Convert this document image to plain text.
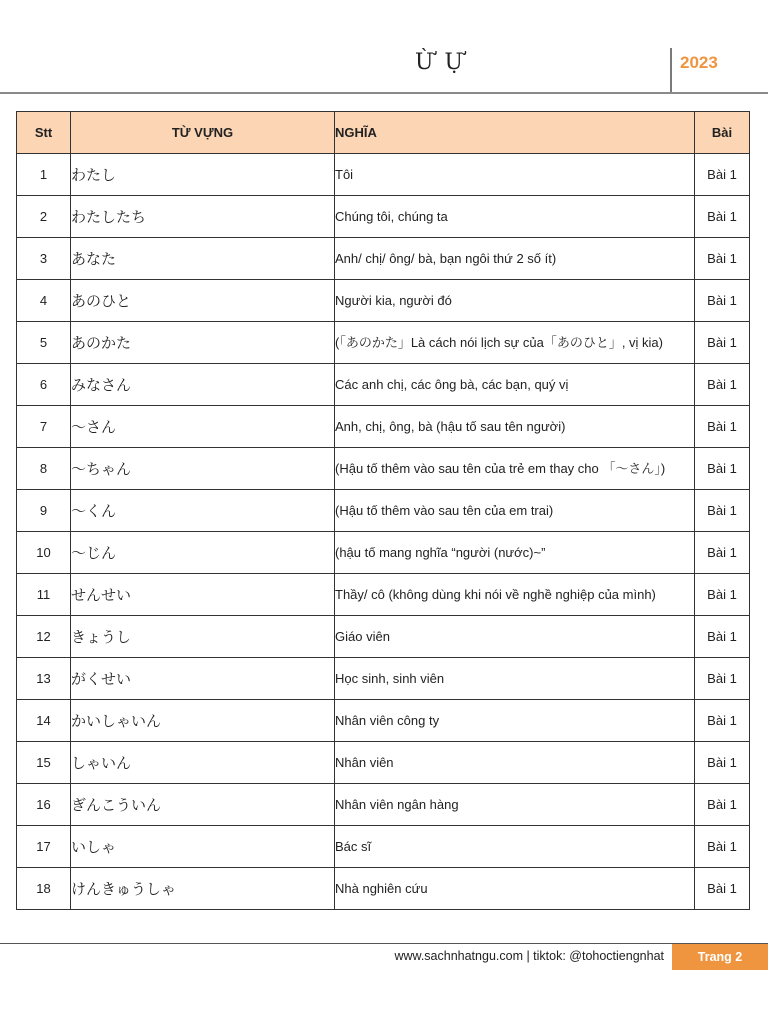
Ừ Ự	2023
Stt	TỪ VỰNG	NGHĨA	Bài
1	わたし	Tôi	Bài 1
2	わたしたち	Chúng tôi, chúng ta	Bài 1
3	あなた	Anh/ chị/ ông/ bà, bạn ngôi thứ 2 số ít)	Bài 1
4	あのひと	Người kia, người đó	Bài 1
5	あのかた	(「あのかた」Là cách nói lịch sự của「あのひと」, vị kia)	Bài 1
6	みなさん	Các anh chị, các ông bà, các bạn, quý vị	Bài 1
7	～さん	Anh, chị, ông, bà (hậu tố sau tên người)	Bài 1
8	～ちゃん	(Hậu tố thêm vào sau tên của trẻ em thay cho 「～さん」)	Bài 1
9	～くん	(Hậu tố thêm vào sau tên của em trai)	Bài 1
10	～じん	(hậu tố mang nghĩa “người (nước)~”	Bài 1
11	せんせい	Thầy/ cô (không dùng khi nói về nghề nghiệp của mình)	Bài 1
12	きょうし	Giáo viên	Bài 1
13	がくせい	Học sinh, sinh viên	Bài 1
14	かいしゃいん	Nhân viên công ty	Bài 1
15	しゃいん	Nhân viên	Bài 1
16	ぎんこういん	Nhân viên ngân hàng	Bài 1
17	いしゃ	Bác sĩ	Bài 1
18	けんきゅうしゃ	Nhà nghiên cứu	Bài 1
www.sachnhatngu.com | tiktok: @tohoctiengnhat	Trang 2
